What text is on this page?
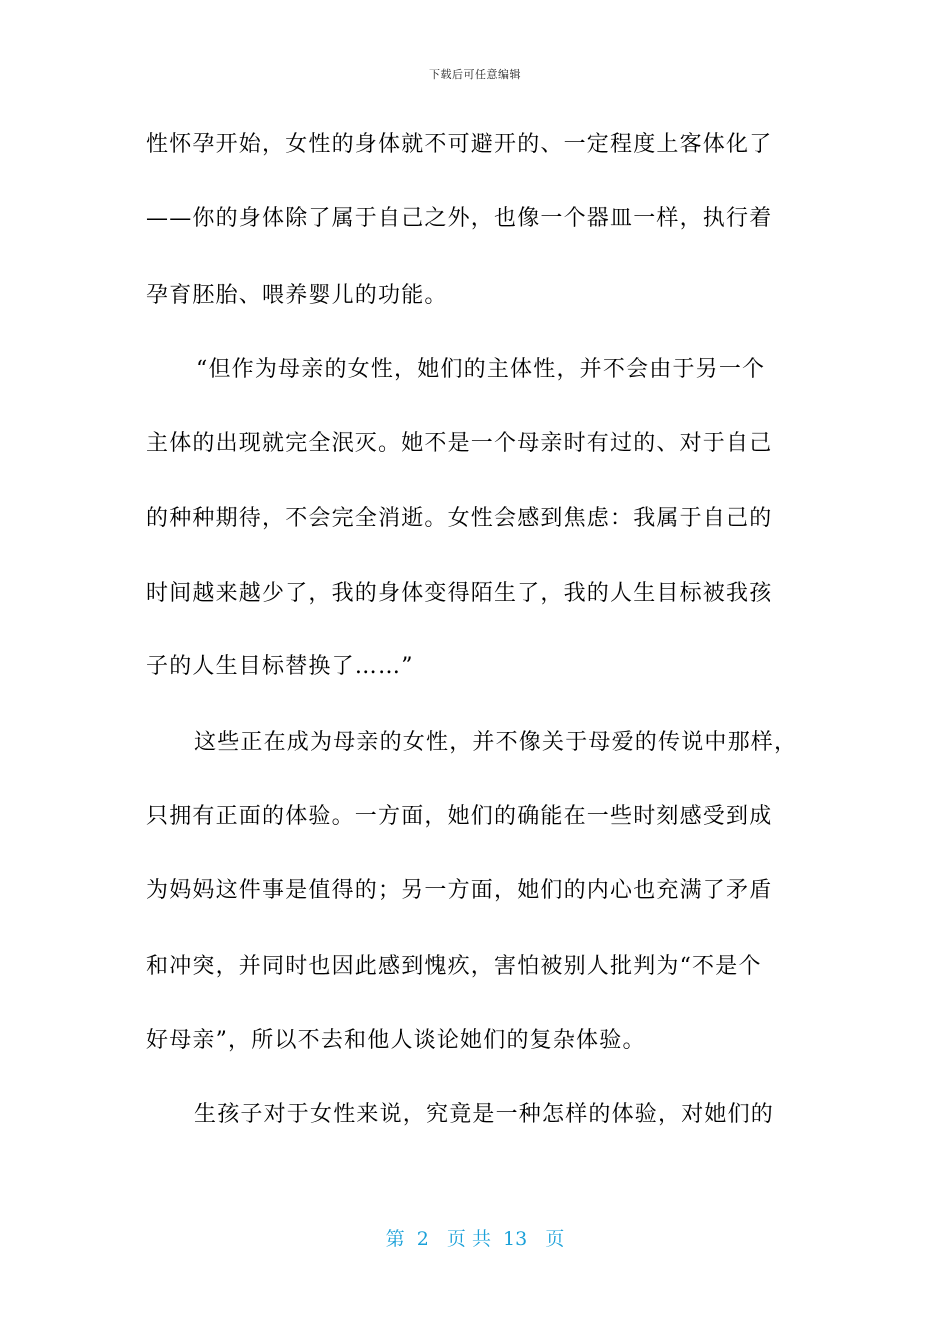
下载后可任意编辑
性怀孕开始，女性的身体就不可避开的、一定程度上客体化了
——你的身体除了属于自己之外，也像一个器皿一样，执行着
孕育胚胎、喂养婴儿的功能。
“但作为母亲的女性，她们的主体性，并不会由于另一个
主体的出现就完全泯灭。她不是一个母亲时有过的、对于自己
的种种期待，不会完全消逝。女性会感到焦虑：我属于自己的
时间越来越少了，我的身体变得陌生了，我的人生目标被我孩
子的人生目标替换了……”
这些正在成为母亲的女性，并不像关于母爱的传说中那样，
只拥有正面的体验。一方面，她们的确能在一些时刻感受到成
为妈妈这件事是值得的；另一方面，她们的内心也充满了矛盾
和冲突，并同时也因此感到愧疚，害怕被别人批判为“不是个
好母亲”，所以不去和他人谈论她们的复杂体验。
生孩子对于女性来说，究竟是一种怎样的体验，对她们的
第  2   页 共  13   页
